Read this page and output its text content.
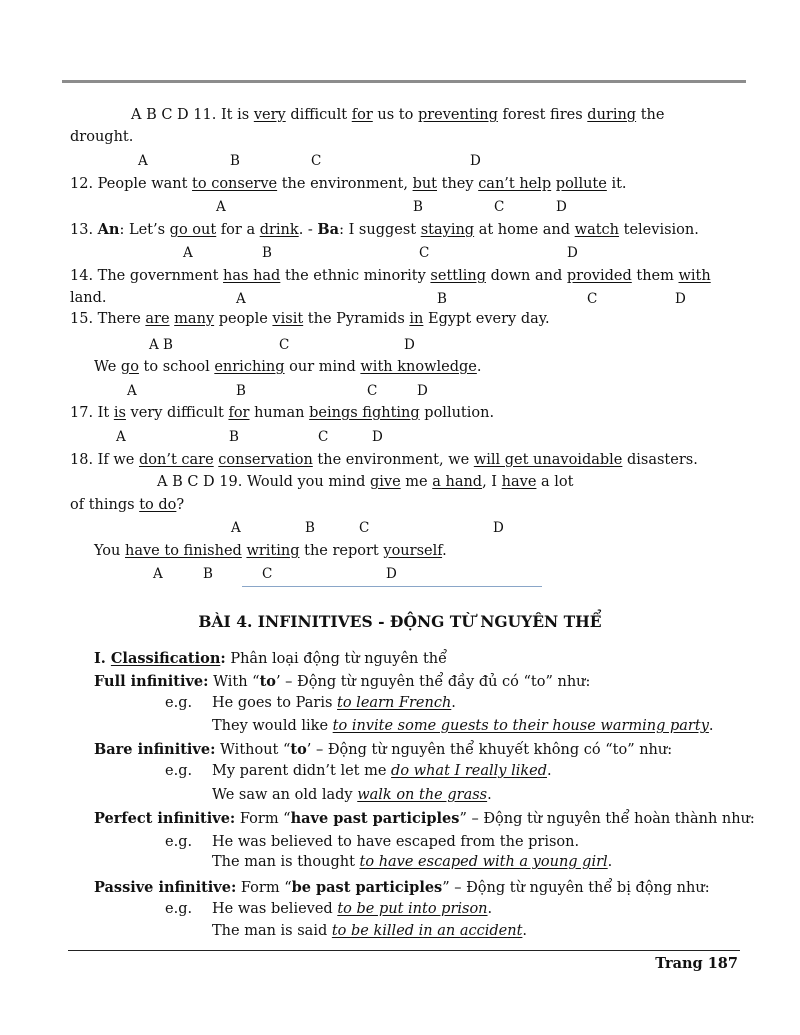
A B C D 11. It is very difficult for us to preventing forest fires during the
drought.
A	B	C	D
12. People want to conserve the environment, but they can’t help pollute it.
A	B	C	D
13. An: Let’s go out for a drink. - Ba: I suggest staying at home and watch television.
A	B	C	D
14. The government has had the ethnic minority settling down and provided them with
land.	A	B	C	D
15. There are many people visit the Pyramids in Egypt every day.
A B	C	D
We go to school enriching our mind with knowledge.
A	B	C	D
17. It is very difficult for human beings fighting pollution.
A	B	C	D
18. If we don’t care conservation the environment, we will get unavoidable disasters.
A B C D 19. Would you mind give me a hand, I have a lot
of things to do?
A	B	C	D
You have to finished writing the report yourself.
A	B	C	D
BÀI 4. INFINITIVES - ĐỘNG TỪ NGUYÊN THỂ
I. Classification: Phân loại động từ nguyên thể
Full infinitive: With “to’ – Động từ nguyên thể đầy đủ có “to” như:
e.g. He goes to Paris to learn French.
They would like to invite some guests to their house warming party.
Bare infinitive: Without “to’ – Động từ nguyên thể khuyết không có “to” như:
e.g. My parent didn’t let me do what I really liked.
We saw an old lady walk on the grass.
Perfect infinitive: Form “have past participles” – Động từ nguyên thể hoàn thành như:
e.g. He was believed to have escaped from the prison.
The man is thought to have escaped with a young girl.
Passive infinitive: Form “be past participles” – Động từ nguyên thể bị động như:
e.g. He was believed to be put into prison.
The man is said to be killed in an accident.
Trang 187
